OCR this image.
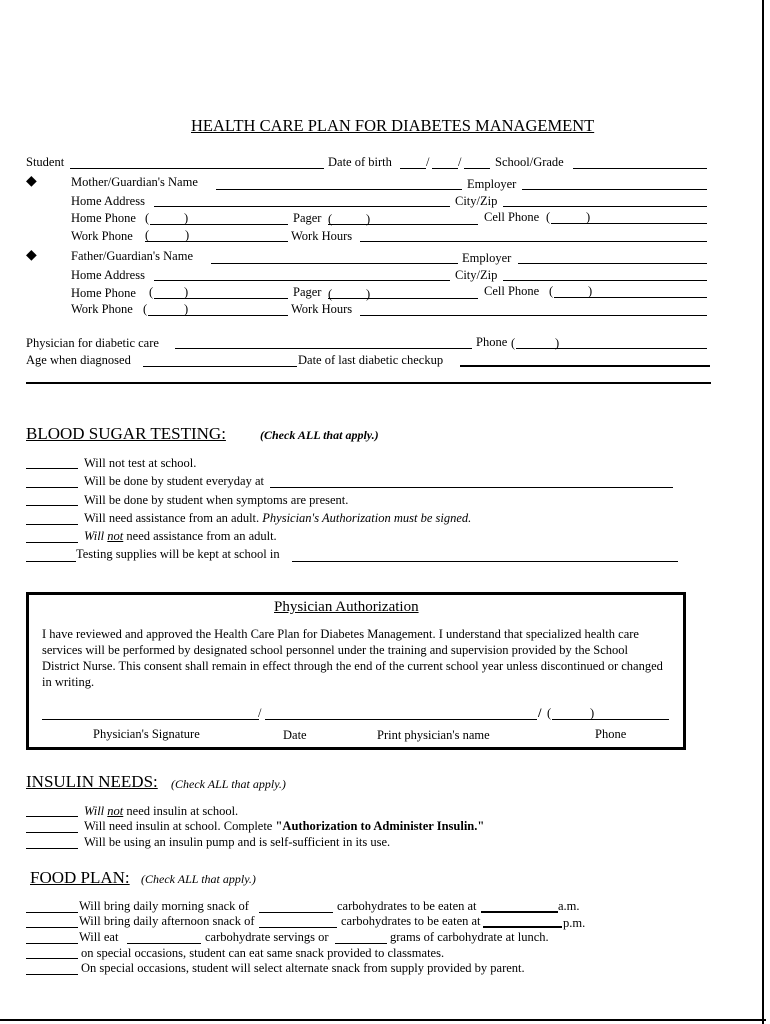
HEALTH CARE PLAN FOR DIABETES MANAGEMENT
Student	Date of birth	/ /	School/Grade
◆	Mother/Guardian's Name	Employer
Home Address	City/Zip
Home Phone (	)	Pager (	)	Cell Phone (	)
Work Phone (	)	Work Hours
◆	Father/Guardian's Name	Employer
Home Address	City/Zip
Home Phone ( )	Pager (	)	Cell Phone (	)
Work Phone (	)	Work Hours
Physician for diabetic care	Phone (	)
Age when diagnosed	Date of last diabetic checkup
BLOOD SUGAR TESTING:	(Check ALL that apply.)
Will not test at school.
Will be done by student everyday at
Will be done by student when symptoms are present.
Will need assistance from an adult. Physician's Authorization must be signed.
Will not need assistance from an adult.
Testing supplies will be kept at school in
Physician Authorization
I have reviewed and approved the Health Care Plan for Diabetes Management. I understand that specialized health care services will be performed by designated school personnel under the training and supervision provided by the School District Nurse. This consent shall remain in effect through the end of the current school year unless discontinued or changed in writing.
/	/ (	)
Physician's Signature	Date	Print physician's name	Phone
INSULIN NEEDS: (Check ALL that apply.)
Will not need insulin at school.
Will need insulin at school. Complete "Authorization to Administer Insulin."
Will be using an insulin pump and is self-sufficient in its use.
FOOD PLAN: (Check ALL that apply.)
Will bring daily morning snack of	carbohydrates to be eaten at	a.m.
Will bring daily afternoon snack of	carbohydrates to be eaten at	p.m.
Will eat	carbohydrate servings or	grams of carbohydrate at lunch.
on special occasions, student can eat same snack provided to classmates.
On special occasions, student will select alternate snack from supply provided by parent.
